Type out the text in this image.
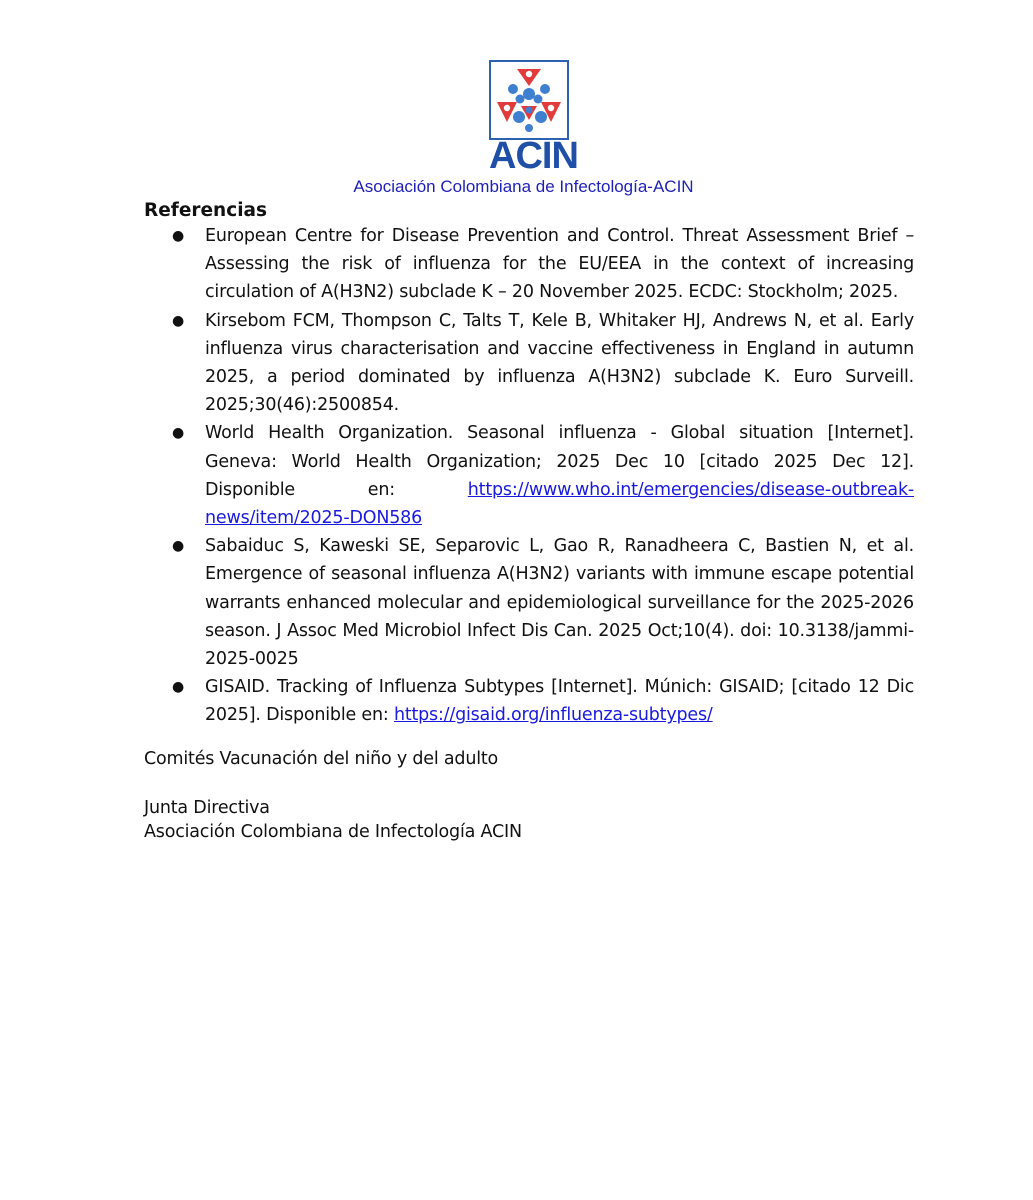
ACIN
Asociación Colombiana de Infectología-ACIN
Referencias
● European Centre for Disease Prevention and Control. Threat Assessment Brief – Assessing the risk of influenza for the EU/EEA in the context of increasing circulation of A(H3N2) subclade K – 20 November 2025. ECDC: Stockholm; 2025.
● Kirsebom FCM, Thompson C, Talts T, Kele B, Whitaker HJ, Andrews N, et al. Early influenza virus characterisation and vaccine effectiveness in England in autumn 2025, a period dominated by influenza A(H3N2) subclade K. Euro Surveill. 2025;30(46):2500854.
● World Health Organization. Seasonal influenza - Global situation [Internet]. Geneva: World Health Organization; 2025 Dec 10 [citado 2025 Dec 12]. Disponible en: https://www.who.int/emergencies/disease-outbreak-news/item/2025-DON586
● Sabaiduc S, Kaweski SE, Separovic L, Gao R, Ranadheera C, Bastien N, et al. Emergence of seasonal influenza A(H3N2) variants with immune escape potential warrants enhanced molecular and epidemiological surveillance for the 2025-2026 season. J Assoc Med Microbiol Infect Dis Can. 2025 Oct;10(4). doi: 10.3138/jammi-2025-0025
● GISAID. Tracking of Influenza Subtypes [Internet]. Múnich: GISAID; [citado 12 Dic 2025]. Disponible en: https://gisaid.org/influenza-subtypes/
Comités Vacunación del niño y del adulto
Junta Directiva
Asociación Colombiana de Infectología ACIN
